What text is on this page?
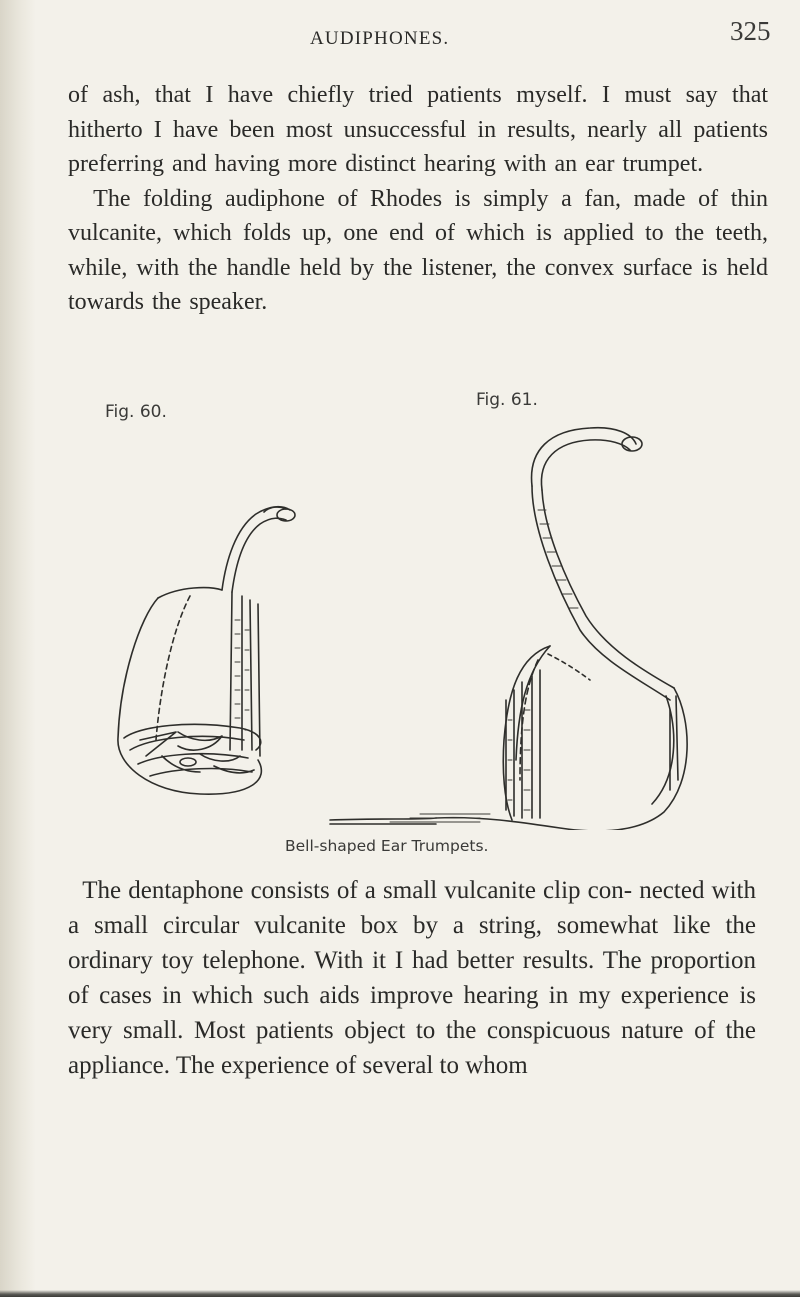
AUDIPHONES.	325

of ash, that I have chiefly tried patients myself. I must say that hitherto I have been most unsuccessful in results, nearly all patients preferring and having more distinct hearing with an ear trumpet.
The folding audiphone of Rhodes is simply a fan, made of thin vulcanite, which folds up, one end of which is applied to the teeth, while, with the handle held by the listener, the convex surface is held towards the speaker.

Fig. 60.
Fig. 61.
Bell-shaped Ear Trumpets.

The dentaphone consists of a small vulcanite clip con- nected with a small circular vulcanite box by a string, somewhat like the ordinary toy telephone. With it I had better results. The proportion of cases in which such aids improve hearing in my experience is very small. Most patients object to the conspicuous nature of the appliance. The experience of several to whom
